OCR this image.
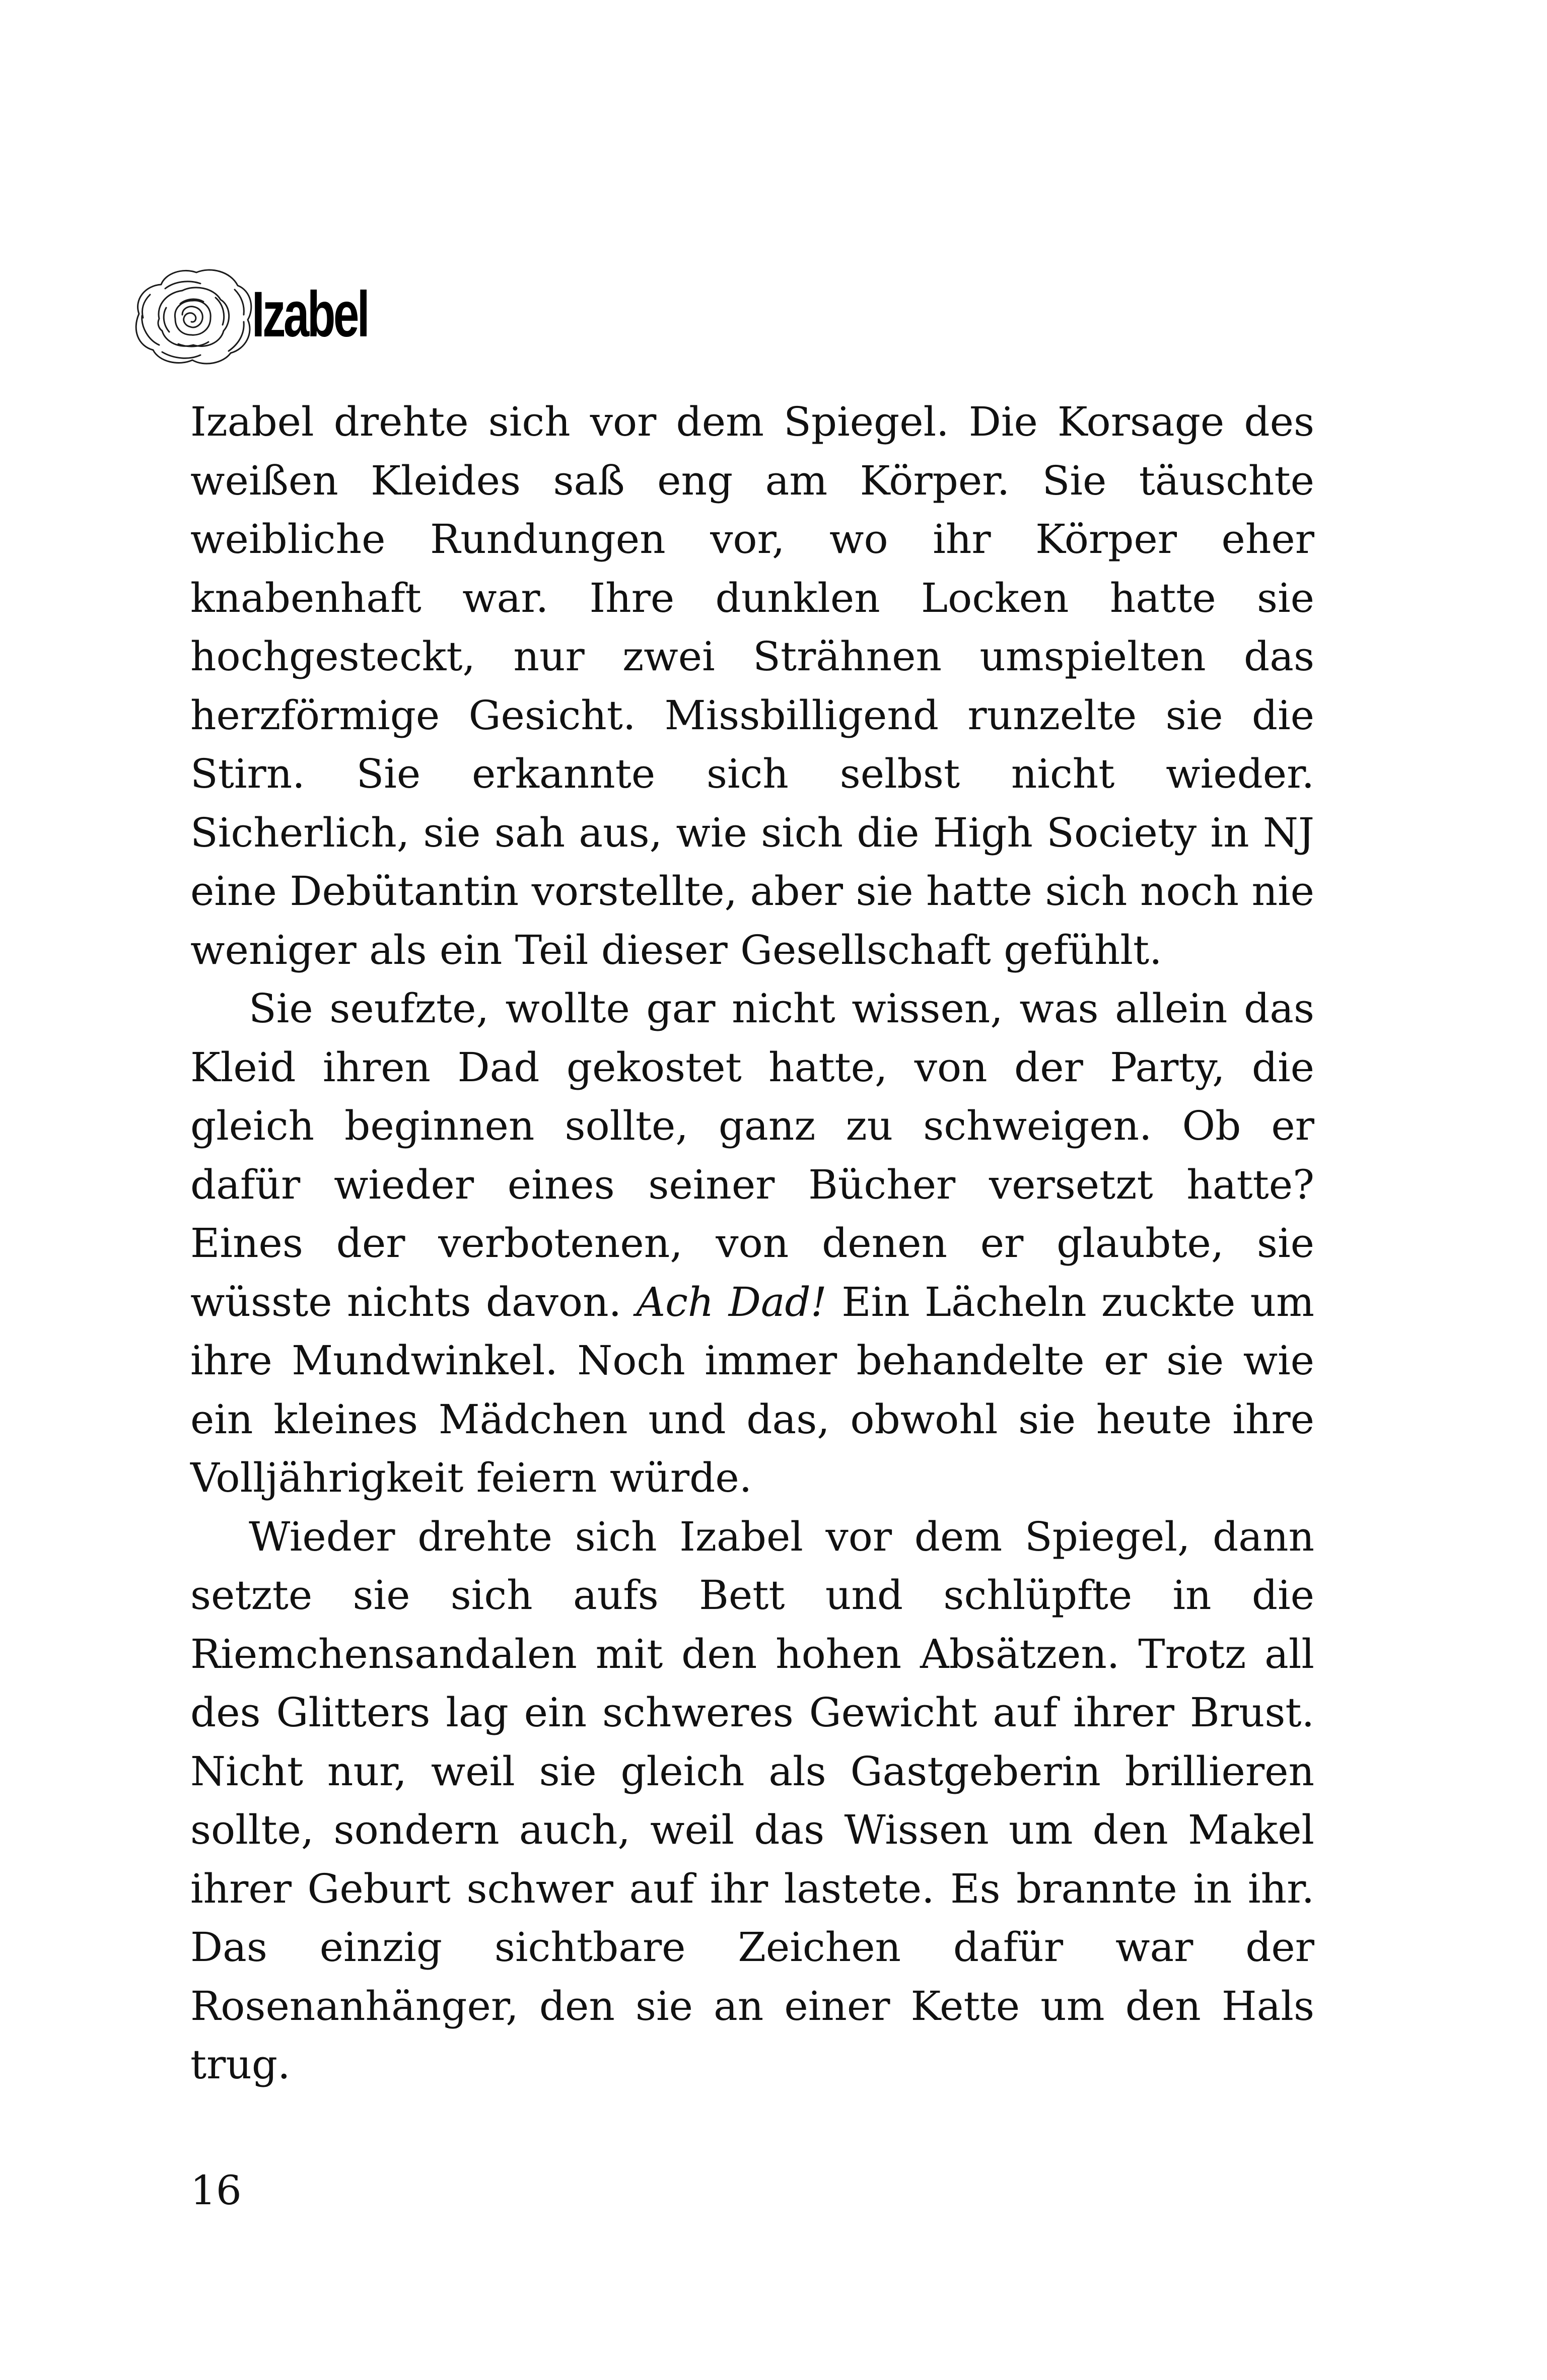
Izabel

Izabel drehte sich vor dem Spiegel. Die Korsage des weißen Kleides saß eng am Körper. Sie täuschte weibliche Rundungen vor, wo ihr Körper eher knabenhaft war. Ihre dunklen Locken hatte sie hochgesteckt, nur zwei Strähnen umspielten das herzförmige Gesicht. Missbilligend runzelte sie die Stirn. Sie erkannte sich selbst nicht wieder. Sicherlich, sie sah aus, wie sich die High Society in NJ eine Debütantin vorstellte, aber sie hatte sich noch nie weniger als ein Teil dieser Gesellschaft gefühlt.

Sie seufzte, wollte gar nicht wissen, was allein das Kleid ihren Dad gekostet hatte, von der Party, die gleich beginnen sollte, ganz zu schweigen. Ob er dafür wieder eines seiner Bücher versetzt hatte? Eines der verbotenen, von denen er glaubte, sie wüsste nichts davon. Ach Dad! Ein Lächeln zuckte um ihre Mundwinkel. Noch immer behandelte er sie wie ein kleines Mädchen und das, obwohl sie heute ihre Volljährigkeit feiern würde.

Wieder drehte sich Izabel vor dem Spiegel, dann setzte sie sich aufs Bett und schlüpfte in die Riemchensandalen mit den hohen Absätzen. Trotz all des Glitters lag ein schweres Gewicht auf ihrer Brust. Nicht nur, weil sie gleich als Gastgeberin brillieren sollte, sondern auch, weil das Wissen um den Makel ihrer Geburt schwer auf ihr lastete. Es brannte in ihr. Das einzig sichtbare Zeichen dafür war der Rosenanhänger, den sie an einer Kette um den Hals trug.

16
